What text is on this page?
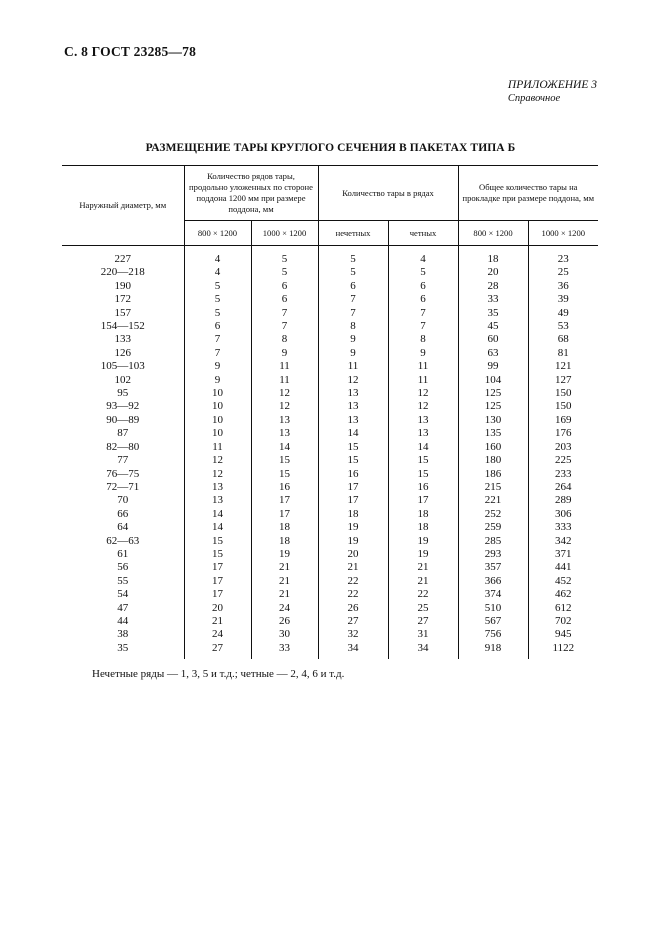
С. 8 ГОСТ 23285—78
ПРИЛОЖЕНИЕ 3
Справочное
РАЗМЕЩЕНИЕ ТАРЫ КРУГЛОГО СЕЧЕНИЯ В ПАКЕТАХ ТИПА Б
Наружный диаметр, мм	Количество рядов тары, продольно уложенных по стороне поддона 1200 мм при размере поддона, мм		Количество тары в рядах		Общее количество тары на прокладке при размере поддона, мм	
	800 × 1200	1000 × 1200	нечетных	четных	800 × 1200	1000 × 1200
227	4	5	5	4	18	23
220—218	4	5	5	5	20	25
190	5	6	6	6	28	36
172	5	6	7	6	33	39
157	5	7	7	7	35	49
154—152	6	7	8	7	45	53
133	7	8	9	8	60	68
126	7	9	9	9	63	81
105—103	9	11	11	11	99	121
102	9	11	12	11	104	127
95	10	12	13	12	125	150
93—92	10	12	13	12	125	150
90—89	10	13	13	13	130	169
87	10	13	14	13	135	176
82—80	11	14	15	14	160	203
77	12	15	15	15	180	225
76—75	12	15	16	15	186	233
72—71	13	16	17	16	215	264
70	13	17	17	17	221	289
66	14	17	18	18	252	306
64	14	18	19	18	259	333
62—63	15	18	19	19	285	342
61	15	19	20	19	293	371
56	17	21	21	21	357	441
55	17	21	22	21	366	452
54	17	21	22	22	374	462
47	20	24	26	25	510	612
44	21	26	27	27	567	702
38	24	30	32	31	756	945
35	27	33	34	34	918	1122
Нечетные ряды — 1, 3, 5 и т.д.; четные — 2, 4, 6 и т.д.
